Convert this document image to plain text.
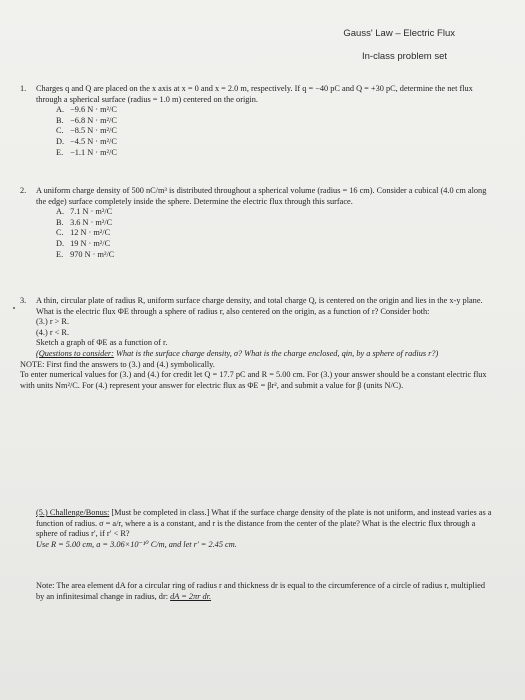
Gauss' Law – Electric Flux
In-class problem set
1.	Charges q and Q are placed on the x axis at x = 0 and x = 2.0 m, respectively. If q = −40 pC and Q = +30 pC, determine the net flux through a spherical surface (radius = 1.0 m) centered on the origin.
A. −9.6 N · m²/C
B. −6.8 N · m²/C
C. −8.5 N · m²/C
D. −4.5 N · m²/C
E. −1.1 N · m²/C
2.	A uniform charge density of 500 nC/m³ is distributed throughout a spherical volume (radius = 16 cm). Consider a cubical (4.0 cm along the edge) surface completely inside the sphere. Determine the electric flux through this surface.
A. 7.1 N · m²/C
B. 3.6 N · m²/C
C. 12 N · m²/C
D. 19 N · m²/C
E. 970 N · m²/C
3.	A thin, circular plate of radius R, uniform surface charge density, and total charge Q, is centered on the origin and lies in the x-y plane. What is the electric flux ΦE through a sphere of radius r, also centered on the origin, as a function of r? Consider both:
(3.) r > R.
(4.) r < R.
Sketch a graph of ΦE as a function of r.
(Questions to consider: What is the surface charge density, σ? What is the charge enclosed, qin, by a sphere of radius r?)
NOTE: First find the answers to (3.) and (4.) symbolically.
To enter numerical values for (3.) and (4.) for credit let Q = 17.7 pC and R = 5.00 cm. For (3.) your answer should be a constant electric flux with units Nm²/C. For (4.) represent your answer for electric flux as ΦE = βr², and submit a value for β (units N/C).
(5.) Challenge/Bonus: [Must be completed in class.] What if the surface charge density of the plate is not uniform, and instead varies as a function of radius. σ = a/r, where a is a constant, and r is the distance from the center of the plate? What is the electric flux through a sphere of radius r′, if r′ < R?
Use R = 5.00 cm, a = 3.06×10⁻¹⁰ C/m, and let r′ = 2.45 cm.
Note: The area element dA for a circular ring of radius r and thickness dr is equal to the circumference of a circle of radius r, multiplied by an infinitesimal change in radius, dr: dA = 2πr dr.
